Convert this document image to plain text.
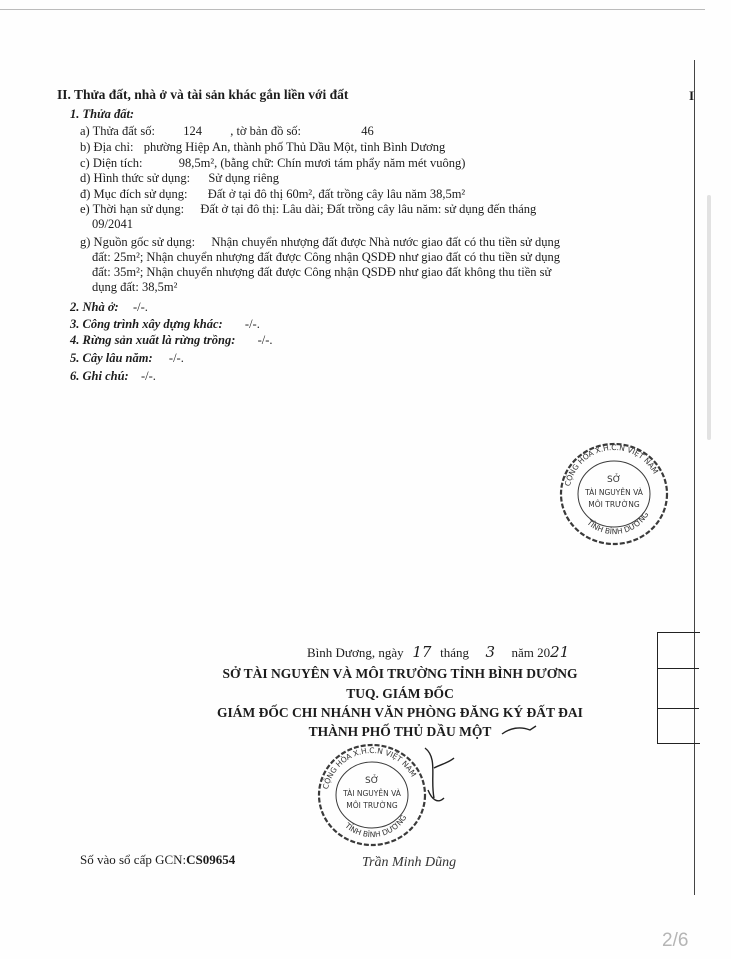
I
II. Thửa đất, nhà ở và tài sản khác gắn liền với đất
1. Thửa đất:
a) Thửa đất số: 124 , tờ bản đồ số:	46
b) Địa chỉ: phường Hiệp An, thành phố Thủ Dầu Một, tỉnh Bình Dương
c) Diện tích:	98,5m², (bằng chữ: Chín mươi tám phẩy năm mét vuông)
d) Hình thức sử dụng: Sử dụng riêng
đ) Mục đích sử dụng: Đất ở tại đô thị 60m², đất trồng cây lâu năm 38,5m²
e) Thời hạn sử dụng: Đất ở tại đô thị: Lâu dài; Đất trồng cây lâu năm: sử dụng đến tháng
09/2041
g) Nguồn gốc sử dụng: Nhận chuyển nhượng đất được Nhà nước giao đất có thu tiền sử dụng
đất: 25m²; Nhận chuyển nhượng đất được Công nhận QSDĐ như giao đất có thu tiền sử dụng
đất: 35m²; Nhận chuyển nhượng đất được Công nhận QSDĐ như giao đất không thu tiền sử
dụng đất: 38,5m²
2. Nhà ở: -/-.
3. Công trình xây dựng khác: -/-.
4. Rừng sản xuất là rừng trồng: -/-.
5. Cây lâu năm: -/-.
6. Ghi chú: -/-.
CỘNG HÒA X.H.C.N VIỆT NAM
TỈNH BÌNH DƯƠNG
SỞ
TÀI NGUYÊN VÀ
MÔI TRƯỜNG
Bình Dương, ngày 17 tháng 3 năm 2021
SỞ TÀI NGUYÊN VÀ MÔI TRƯỜNG TỈNH BÌNH DƯƠNG
TUQ. GIÁM ĐỐC
GIÁM ĐỐC CHI NHÁNH VĂN PHÒNG ĐĂNG KÝ ĐẤT ĐAI
THÀNH PHỐ THỦ DẦU MỘT
CỘNG HÒA X.H.C.N VIỆT NAM
TỈNH BÌNH DƯƠNG
SỞ
TÀI NGUYÊN VÀ
MÔI TRƯỜNG
Trần Minh Dũng
Số vào sổ cấp GCN:CS09654
2/6
